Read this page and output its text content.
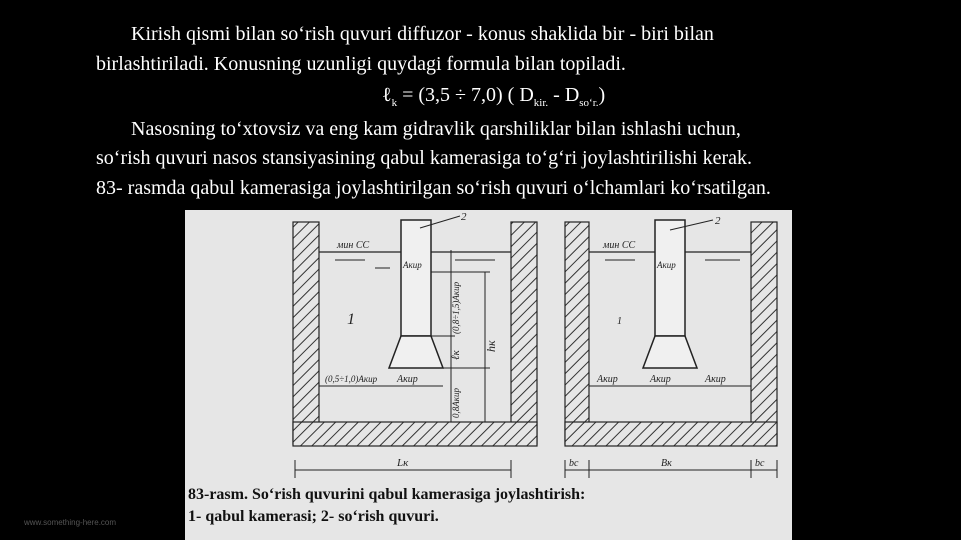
Kirish qismi bilan so‘rish quvuri diffuzor - konus shaklida bir - biri bilan

birlashtiriladi. Konusning uzunligi quydagi formula bilan topiladi.

ℓ$_k$ = (3,5 ÷ 7,0) ( $D_{kir.} - D_{so‘r.}$)

Nasosning to‘xtovsiz va eng kam gidravlik qarshiliklar bilan ishlashi uchun,

so‘rish quvuri nasos stansiyasining qabul kamerasiga to‘g‘ri joylashtirilishi kerak.

83- rasmda qabul kamerasiga joylashtirilgan so‘rish quvuri o‘lchamlari ko‘rsatilgan.

2
мин СС
1
Aкир
(0,8÷1,5)Aкир
ℓк
hк
(0,5÷1,0)Aкир Aкир
0,8Aкир
Lк
2
мин СС
1
Aкир
Aкир	Aкир	Aкир
bс	Bк	bс
83-rasm. So‘rish quvurini qabul kamerasiga joylashtirish:
1- qabul kamerasi; 2- so‘rish quvuri.
www.something-here.com
